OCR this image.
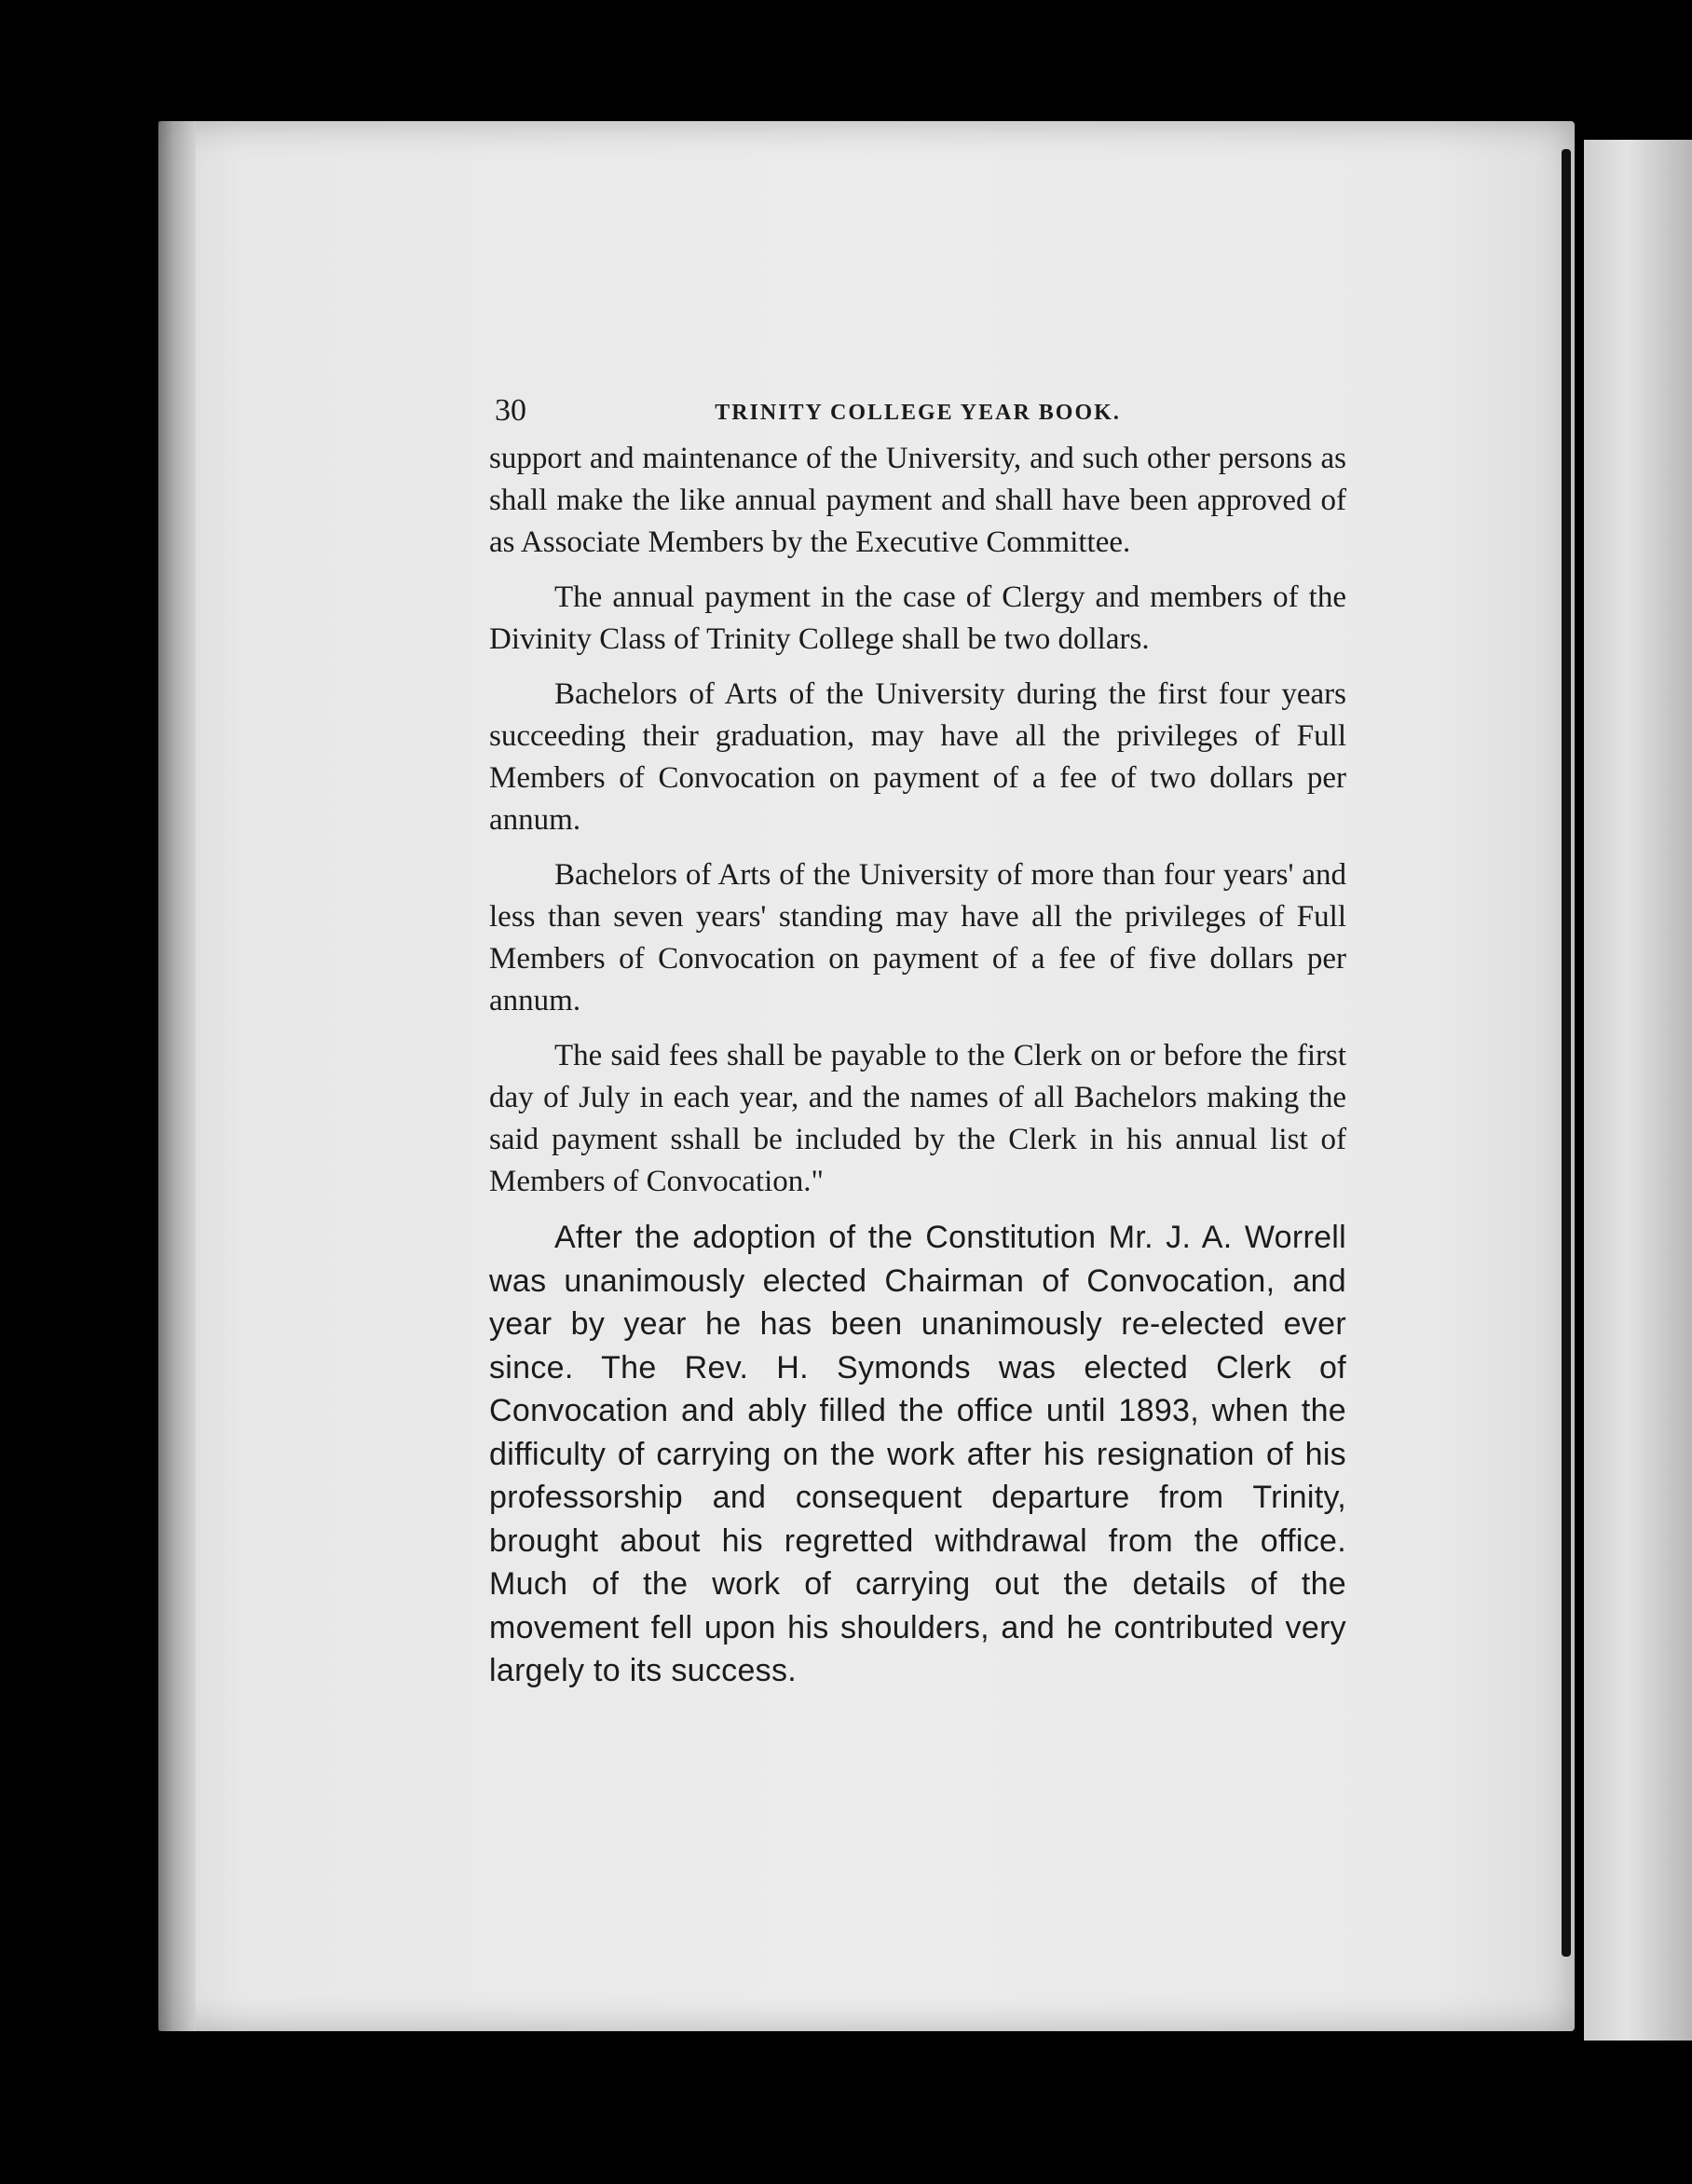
30	TRINITY COLLEGE YEAR BOOK.

support and maintenance of the University, and such other persons as shall make the like annual payment and shall have been approved of as Associate Members by the Executive Committee.

The annual payment in the case of Clergy and members of the Divinity Class of Trinity College shall be two dollars.

Bachelors of Arts of the University during the first four years succeeding their graduation, may have all the privileges of Full Members of Convocation on payment of a fee of two dollars per annum.

Bachelors of Arts of the University of more than four years' and less than seven years' standing may have all the privileges of Full Members of Convocation on payment of a fee of five dollars per annum.

The said fees shall be payable to the Clerk on or before the first day of July in each year, and the names of all Bachelors making the said payment sshall be included by the Clerk in his annual list of Members of Convocation."

After the adoption of the Constitution Mr. J. A. Worrell was unanimously elected Chairman of Convocation, and year by year he has been unanimously re-elected ever since. The Rev. H. Symonds was elected Clerk of Convocation and ably filled the office until 1893, when the difficulty of carrying on the work after his resignation of his professorship and consequent departure from Trinity, brought about his regretted withdrawal from the office. Much of the work of carrying out the details of the movement fell upon his shoulders, and he contributed very largely to its success.
